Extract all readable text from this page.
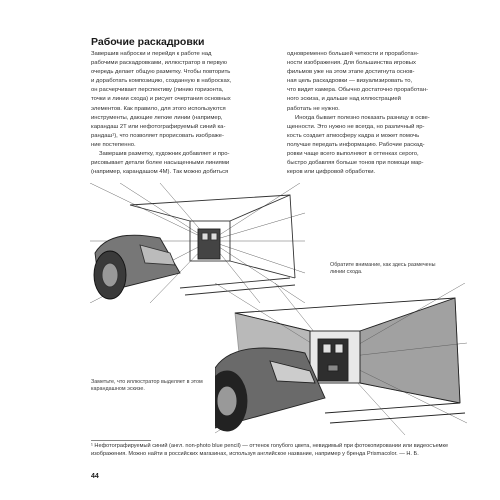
Рабочие раскадровки

Завершив наброски и перейдя к работе над
рабочими раскадровками, иллюстратор в первую
очередь делает общую разметку. Чтобы повторить
и доработать композицию, созданную в набросках,
он расчерчивает перспективу (линию горизонта,
точки и линии схода) и рисует очертания основных
элементов. Как правило, для этого используются
инструменты, дающие легкие линии (например,
карандаш 2T или нефотографируемый синий ка-
рандаш¹), что позволяет прорисовать изображе-
ние постепенно.

Завершив разметку, художник добавляет и про-
рисовывает детали более насыщенными линиями
(например, карандашом 4М). Так можно добиться

одновременно большей четкости и проработан-
ности изображения. Для большинства игровых
фильмов уже на этом этапе достигнута основ-
ная цель раскадровки — визуализировать то,
что видит камера. Обычно достаточно проработан-
ного эскиза, и дальше над иллюстрацией
работать не нужно.

Иногда бывает полезно показать разницу в осве-
щенности. Это нужно не всегда, но различный яр-
кость создает атмосферу кадра и может помочь
получше передать информацию. Рабочие раскад-
ровки чаще всего выполняют в оттенках серого,
быстро добавляя больше тонов при помощи мар-
керов или цифровой обработки.

Обратите внимание, как здесь размечены линии схода.
Заметьте, что иллюстратор выделяет в этом карандашном эскизе.
¹ Нефотографируемый синий (англ. non-photo blue pencil) — оттенок голубого цвета, невидимый при фотокопировании или видеосъемке изображения. Можно найти в российских магазинах, используя английское название, например у бренда Prismacolor. — Н. Б.
44
